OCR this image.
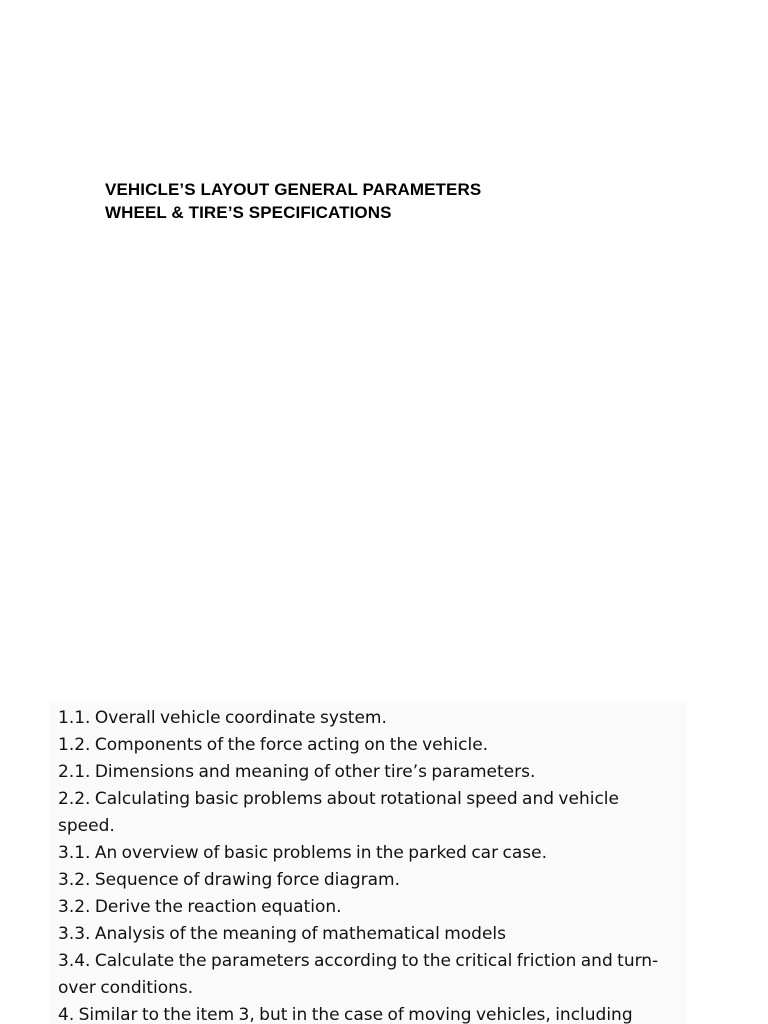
VEHICLE’S LAYOUT GENERAL PARAMETERS
WHEEL & TIRE’S SPECIFICATIONS
1.1. Overall vehicle coordinate system.
1.2. Components of the force acting on the vehicle.
2.1. Dimensions and meaning of other tire’s parameters.
2.2. Calculating basic problems about rotational speed and vehicle speed.
3.1. An overview of basic problems in the parked car case.
3.2. Sequence of drawing force diagram.
3.2. Derive the reaction equation.
3.3. Analysis of the meaning of mathematical models
3.4. Calculate the parameters according to the critical friction and turn-over conditions.
4. Similar to the item 3, but in the case of moving vehicles, including
